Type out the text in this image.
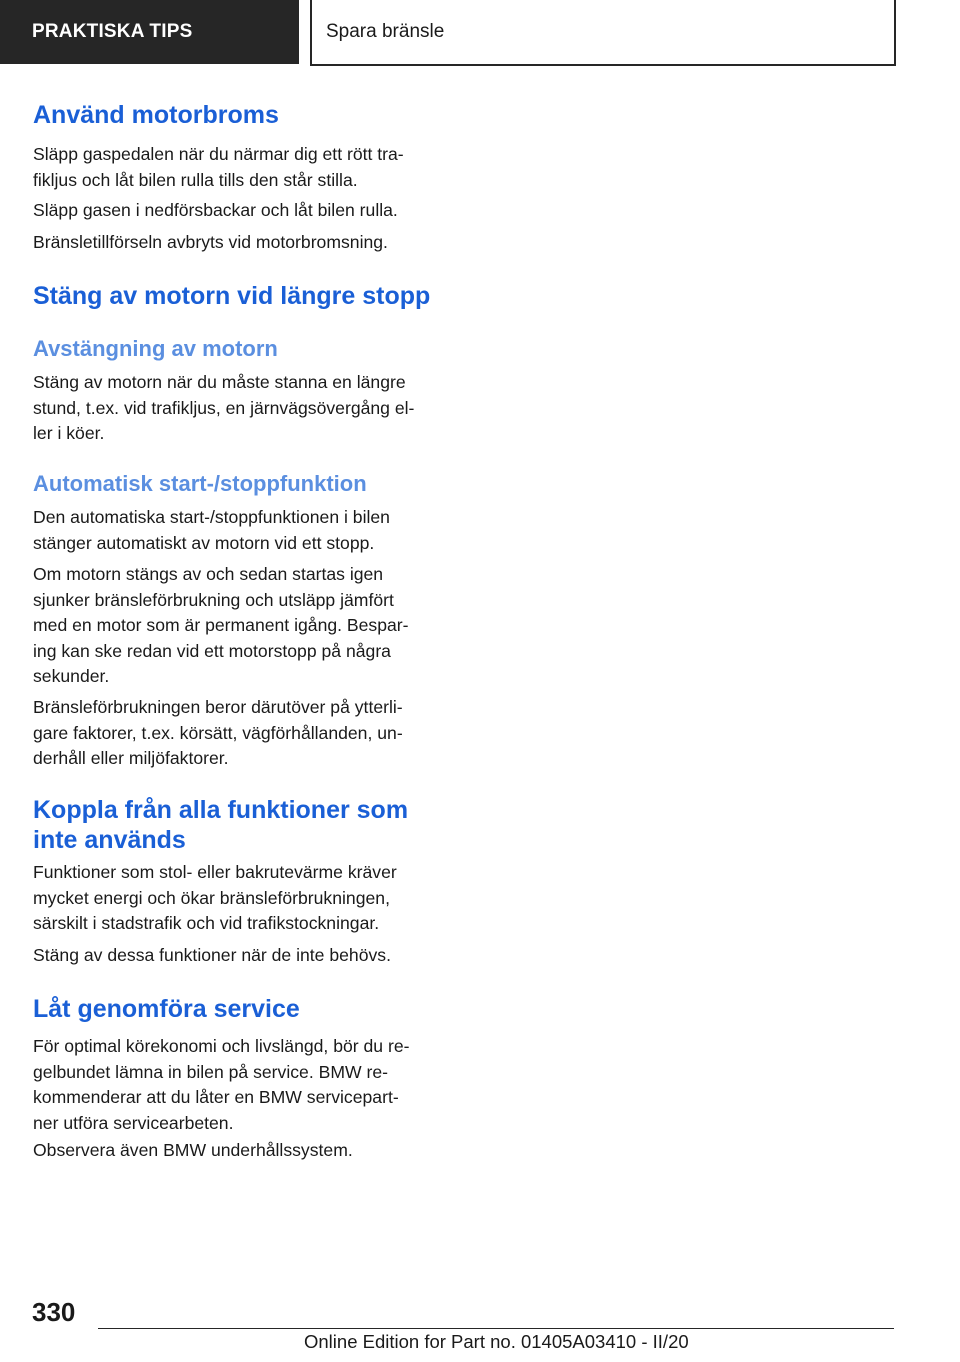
PRAKTISKA TIPS	Spara bränsle
Använd motorbroms
Släpp gaspedalen när du närmar dig ett rött tra-
fikljus och låt bilen rulla tills den står stilla.
Släpp gasen i nedförsbackar och låt bilen rulla.
Bränsletillförseln avbryts vid motorbromsning.
Stäng av motorn vid längre stopp
Avstängning av motorn
Stäng av motorn när du måste stanna en längre
stund, t.ex. vid trafikljus, en järnvägsövergång el-
ler i köer.
Automatisk start-/stoppfunktion
Den automatiska start-/stoppfunktionen i bilen
stänger automatiskt av motorn vid ett stopp.
Om motorn stängs av och sedan startas igen
sjunker bränsleförbrukning och utsläpp jämfört
med en motor som är permanent igång. Bespar-
ing kan ske redan vid ett motorstopp på några
sekunder.
Bränsleförbrukningen beror därutöver på ytterli-
gare faktorer, t.ex. körsätt, vägförhållanden, un-
derhåll eller miljöfaktorer.
Koppla från alla funktioner som
inte används
Funktioner som stol- eller bakrutevärme kräver
mycket energi och ökar bränsleförbrukningen,
särskilt i stadstrafik och vid trafikstockningar.
Stäng av dessa funktioner när de inte behövs.
Låt genomföra service
För optimal körekonomi och livslängd, bör du re-
gelbundet lämna in bilen på service. BMW re-
kommenderar att du låter en BMW servicepart-
ner utföra servicearbeten.
Observera även BMW underhållssystem.
330
Online Edition for Part no. 01405A03410 - II/20
